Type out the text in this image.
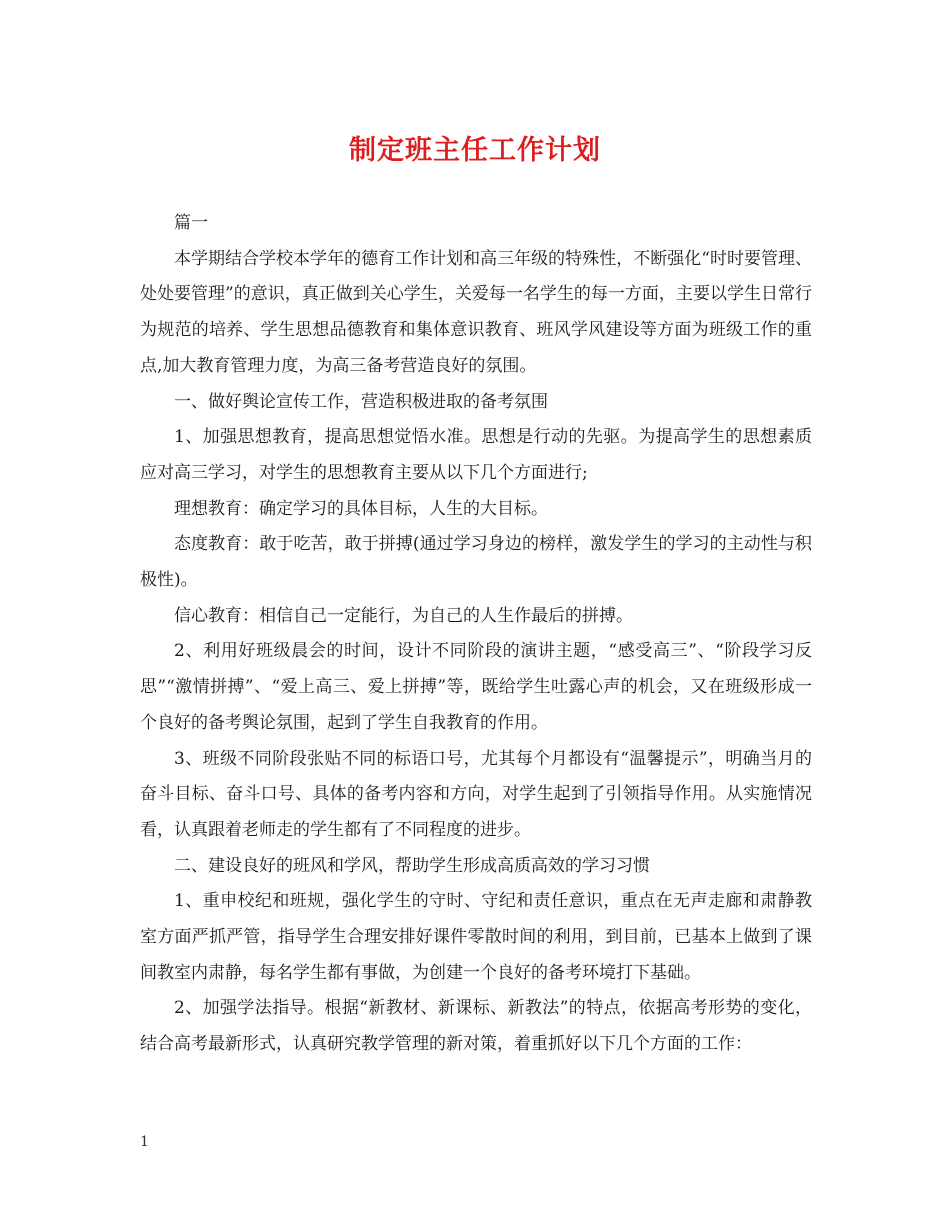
制定班主任工作计划

篇一

本学期结合学校本学年的德育工作计划和高三年级的特殊性，不断强化“时时要管理、处处要管理”的意识，真正做到关心学生，关爱每一名学生的每一方面，主要以学生日常行为规范的培养、学生思想品德教育和集体意识教育、班风学风建设等方面为班级工作的重点,加大教育管理力度，为高三备考营造良好的氛围。

一、做好舆论宣传工作，营造积极进取的备考氛围

1、加强思想教育，提高思想觉悟水准。思想是行动的先驱。为提高学生的思想素质应对高三学习，对学生的思想教育主要从以下几个方面进行;

理想教育：确定学习的具体目标，人生的大目标。

态度教育：敢于吃苦，敢于拼搏(通过学习身边的榜样，激发学生的学习的主动性与积极性)。

信心教育：相信自己一定能行，为自己的人生作最后的拼搏。

2、利用好班级晨会的时间，设计不同阶段的演讲主题，“感受高三”、“阶段学习反思”“激情拼搏”、“爱上高三、爱上拼搏”等，既给学生吐露心声的机会，又在班级形成一个良好的备考舆论氛围，起到了学生自我教育的作用。

3、班级不同阶段张贴不同的标语口号，尤其每个月都设有“温馨提示”，明确当月的奋斗目标、奋斗口号、具体的备考内容和方向，对学生起到了引领指导作用。从实施情况看，认真跟着老师走的学生都有了不同程度的进步。

二、建设良好的班风和学风，帮助学生形成高质高效的学习习惯

1、重申校纪和班规，强化学生的守时、守纪和责任意识，重点在无声走廊和肃静教室方面严抓严管，指导学生合理安排好课件零散时间的利用，到目前，已基本上做到了课间教室内肃静，每名学生都有事做，为创建一个良好的备考环境打下基础。

2、加强学法指导。根据“新教材、新课标、新教法”的特点，依据高考形势的变化，结合高考最新形式，认真研究教学管理的新对策，着重抓好以下几个方面的工作：

1
